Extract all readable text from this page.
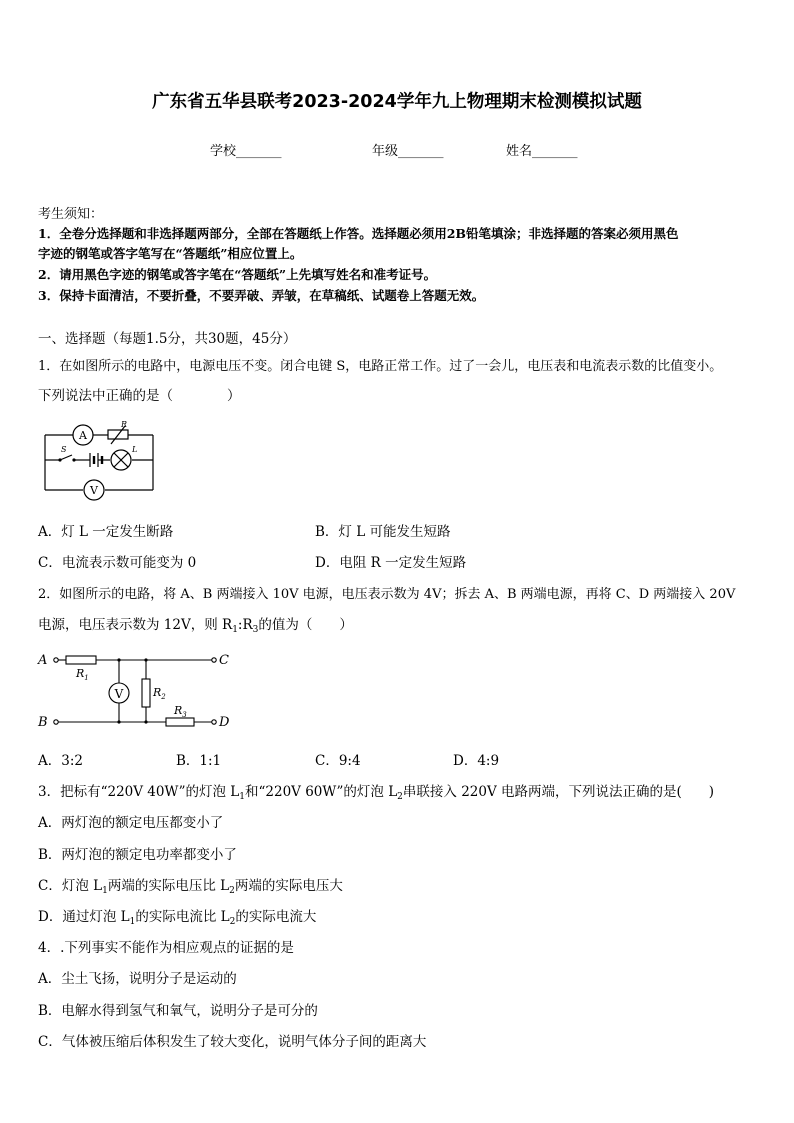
广东省五华县联考2023-2024学年九上物理期末检测模拟试题
学校_______	年级_______	姓名_______
考生须知：
1．全卷分选择题和非选择题两部分，全部在答题纸上作答。选择题必须用2B铅笔填涂；非选择题的答案必须用黑色
字迹的钢笔或答字笔写在“答题纸”相应位置上。
2．请用黑色字迹的钢笔或答字笔在“答题纸”上先填写姓名和准考证号。
3．保持卡面清洁，不要折叠，不要弄破、弄皱，在草稿纸、试题卷上答题无效。
一、选择题（每题1.5分，共30题，45分）
1．在如图所示的电路中，电源电压不变。闭合电键 S，电路正常工作。过了一会儿，电压表和电流表示数的比值变小。
下列说法中正确的是（　　　　）
A
V
S	L
R
A．灯 L 一定发生断路	B．灯 L 可能发生短路
C．电流表示数可能变为 0	D．电阻 R 一定发生短路
2．如图所示的电路，将 A、B 两端接入 10V 电源，电压表示数为 4V；拆去 A、B 两端电源，再将 C、D 两端接入 20V
电源，电压表示数为 12V，则 $R_1:R_3$的值为（　　）
A
B
C
D
V
$R_1$
$R_2$
$R_3$
A．3:2	B．1:1	C．9:4	D．4:9
3．把标有“220V 40W”的灯泡 $L_1$和“220V 60W”的灯泡 $L_2$串联接入 220V 电路两端，下列说法正确的是(　　)
A．两灯泡的额定电压都变小了
B．两灯泡的额定电功率都变小了
C．灯泡 $L_1$两端的实际电压比 $L_2$两端的实际电压大
D．通过灯泡 $L_1$的实际电流比 $L_2$的实际电流大
4．.下列事实不能作为相应观点的证据的是
A．尘土飞扬，说明分子是运动的
B．电解水得到氢气和氧气，说明分子是可分的
C．气体被压缩后体积发生了较大变化，说明气体分子间的距离大
